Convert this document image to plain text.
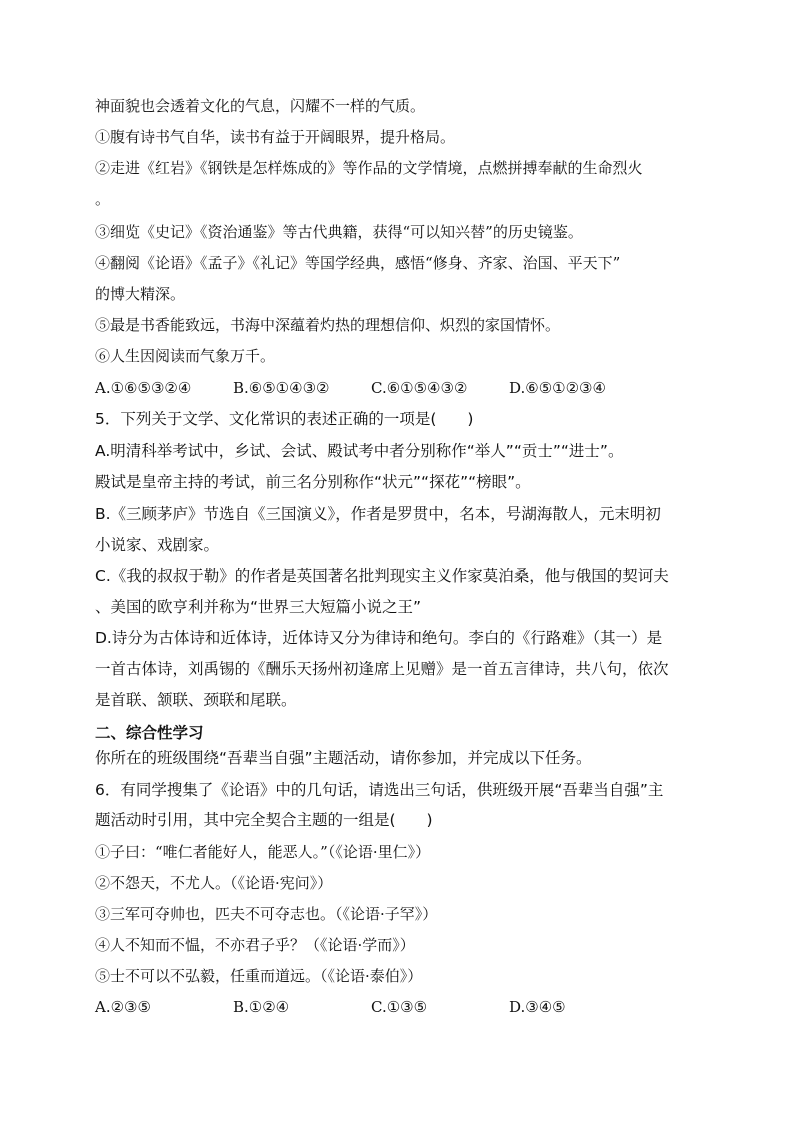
神面貌也会透着文化的气息，闪耀不一样的气质。
①腹有诗书气自华，读书有益于开阔眼界，提升格局。
②走进《红岩》《钢铁是怎样炼成的》等作品的文学情境，点燃拼搏奉献的生命烈火
。
③细览《史记》《资治通鉴》等古代典籍，获得“可以知兴替”的历史镜鉴。
④翻阅《论语》《孟子》《礼记》等国学经典，感悟“修身、齐家、治国、平天下”
的博大精深。
⑤最是书香能致远，书海中深蕴着灼热的理想信仰、炽烈的家国情怀。
⑥人生因阅读而气象万千。
A.①⑥⑤③②④	B.⑥⑤①④③②	C.⑥①⑤④③②	D.⑥⑤①②③④
5．下列关于文学、文化常识的表述正确的一项是(　　)
A.明清科举考试中，乡试、会试、殿试考中者分别称作“举人”“贡士”“进士”。
殿试是皇帝主持的考试，前三名分别称作“状元”“探花”“榜眼”。
B.《三顾茅庐》节选自《三国演义》，作者是罗贯中，名本，号湖海散人，元末明初
小说家、戏剧家。
C.《我的叔叔于勒》的作者是英国著名批判现实主义作家莫泊桑，他与俄国的契诃夫
、美国的欧亨利并称为“世界三大短篇小说之王”
D.诗分为古体诗和近体诗，近体诗又分为律诗和绝句。李白的《行路难》（其一）是
一首古体诗，刘禹锡的《酬乐天扬州初逢席上见赠》是一首五言律诗，共八句，依次
是首联、颔联、颈联和尾联。
二、综合性学习
你所在的班级围绕“吾辈当自强”主题活动，请你参加，并完成以下任务。
6．有同学搜集了《论语》中的几句话，请选出三句话，供班级开展“吾辈当自强”主
题活动时引用，其中完全契合主题的一组是(　　)
①子曰：“唯仁者能好人，能恶人。”（《论语·里仁》）
②不怨天，不尤人。（《论语·宪问》）
③三军可夺帅也，匹夫不可夺志也。（《论语·子罕》）
④人不知而不愠，不亦君子乎？（《论语·学而》）
⑤士不可以不弘毅，任重而道远。（《论语·泰伯》）
A.②③⑤	B.①②④	C.①③⑤	D.③④⑤
